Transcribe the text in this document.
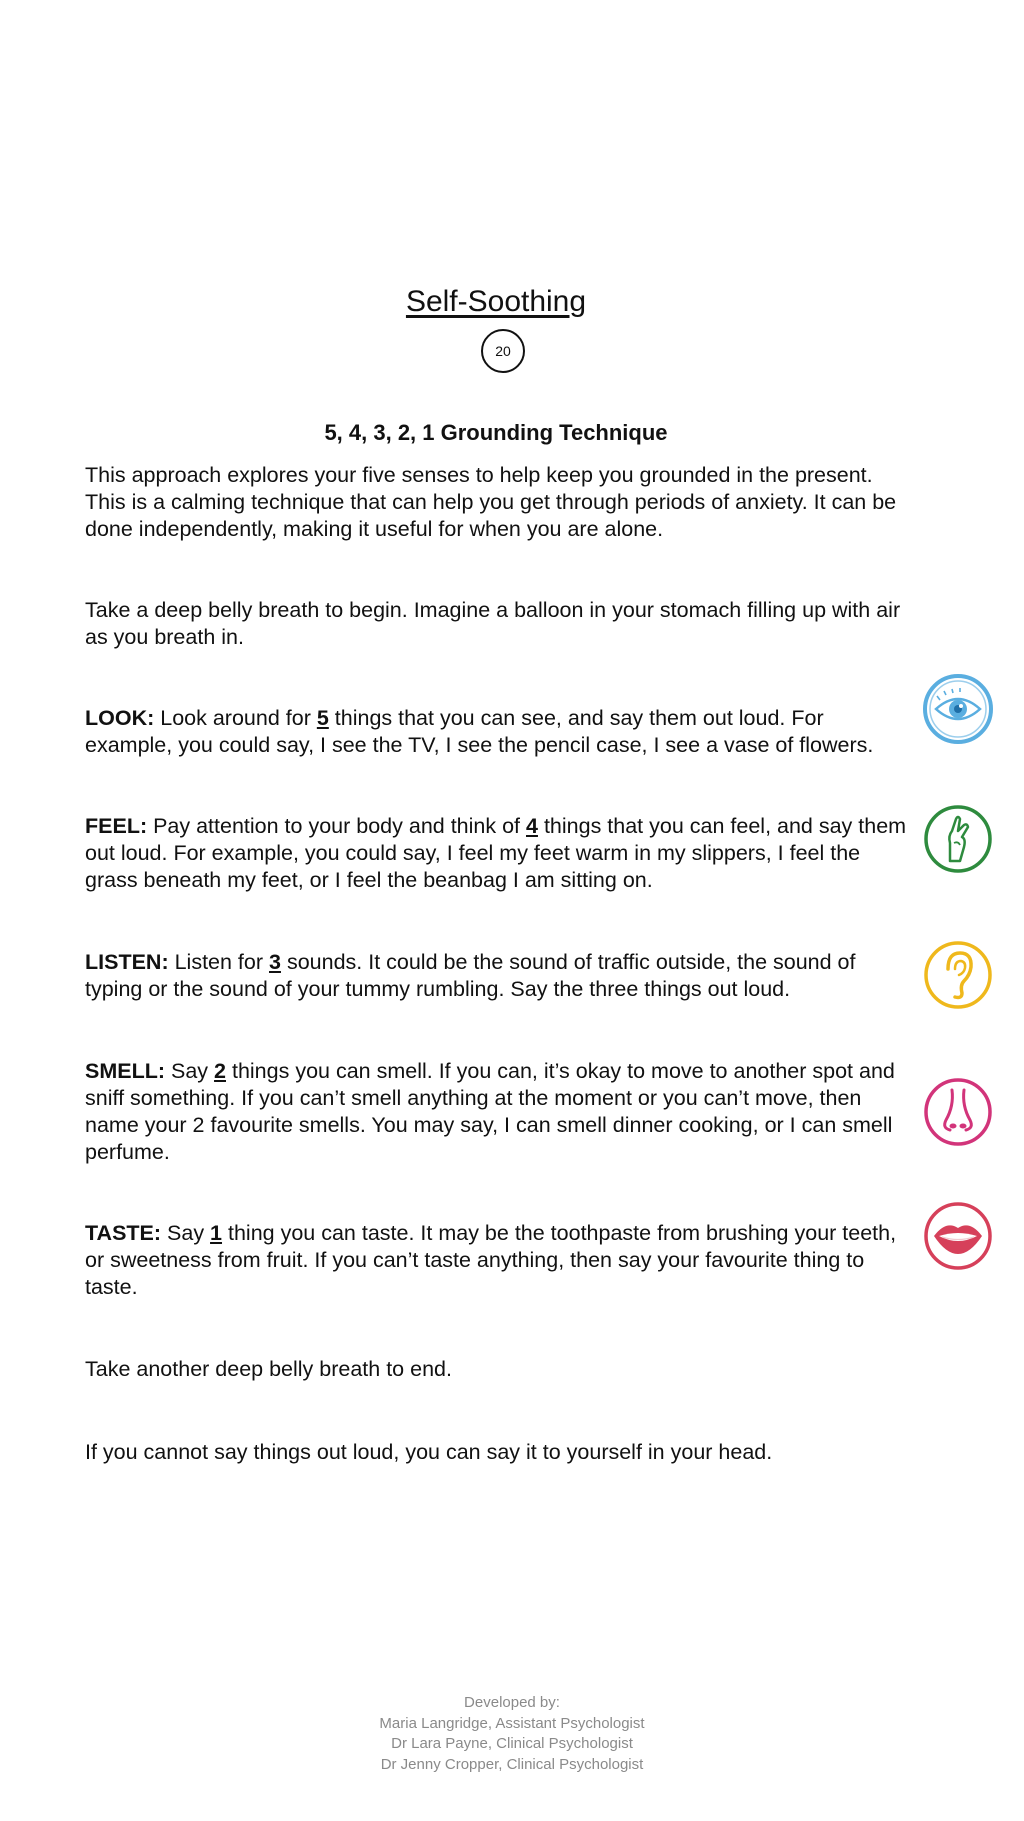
Self-Soothing
20
5, 4, 3, 2, 1 Grounding Technique

This approach explores your five senses to help keep you grounded in the present. This is a calming technique that can help you get through periods of anxiety. It can be done independently, making it useful for when you are alone.

Take a deep belly breath to begin. Imagine a balloon in your stomach filling up with air as you breath in.

LOOK: Look around for 5 things that you can see, and say them out loud. For example, you could say, I see the TV, I see the pencil case, I see a vase of flowers.

FEEL: Pay attention to your body and think of 4 things that you can feel, and say them out loud. For example, you could say, I feel my feet warm in my slippers, I feel the grass beneath my feet, or I feel the beanbag I am sitting on.

LISTEN: Listen for 3 sounds. It could be the sound of traffic outside, the sound of typing or the sound of your tummy rumbling. Say the three things out loud.

SMELL: Say 2 things you can smell. If you can, it’s okay to move to another spot and sniff something. If you can’t smell anything at the moment or you can’t move, then name your 2 favourite smells. You may say, I can smell dinner cooking, or I can smell perfume.

TASTE: Say 1 thing you can taste. It may be the toothpaste from brushing your teeth, or sweetness from fruit. If you can’t taste anything, then say your favourite thing to taste.

Take another deep belly breath to end.

If you cannot say things out loud, you can say it to yourself in your head.

Developed by:
Maria Langridge, Assistant Psychologist
Dr Lara Payne, Clinical Psychologist
Dr Jenny Cropper, Clinical Psychologist
